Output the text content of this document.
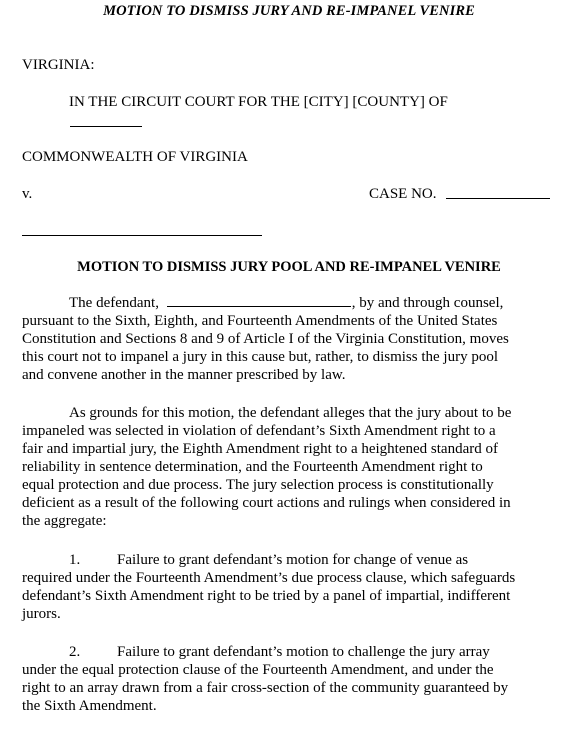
MOTION TO DISMISS JURY AND RE-IMPANEL VENIRE
VIRGINIA:
IN THE CIRCUIT COURT FOR THE [CITY] [COUNTY] OF
COMMONWEALTH OF VIRGINIA
v.	CASE NO.
MOTION TO DISMISS JURY POOL AND RE-IMPANEL VENIRE
The defendant,	, by and through counsel,
pursuant to the Sixth, Eighth, and Fourteenth Amendments of the United States
Constitution and Sections 8 and 9 of Article I of the Virginia Constitution, moves
this court not to impanel a jury in this cause but, rather, to dismiss the jury pool
and convene another in the manner prescribed by law.
As grounds for this motion, the defendant alleges that the jury about to be
impaneled was selected in violation of defendant’s Sixth Amendment right to a
fair and impartial jury, the Eighth Amendment right to a heightened standard of
reliability in sentence determination, and the Fourteenth Amendment right to
equal protection and due process. The jury selection process is constitutionally
deficient as a result of the following court actions and rulings when considered in
the aggregate:
1. Failure to grant defendant’s motion for change of venue as
required under the Fourteenth Amendment’s due process clause, which safeguards
defendant’s Sixth Amendment right to be tried by a panel of impartial, indifferent
jurors.
2. Failure to grant defendant’s motion to challenge the jury array
under the equal protection clause of the Fourteenth Amendment, and under the
right to an array drawn from a fair cross-section of the community guaranteed by
the Sixth Amendment.
